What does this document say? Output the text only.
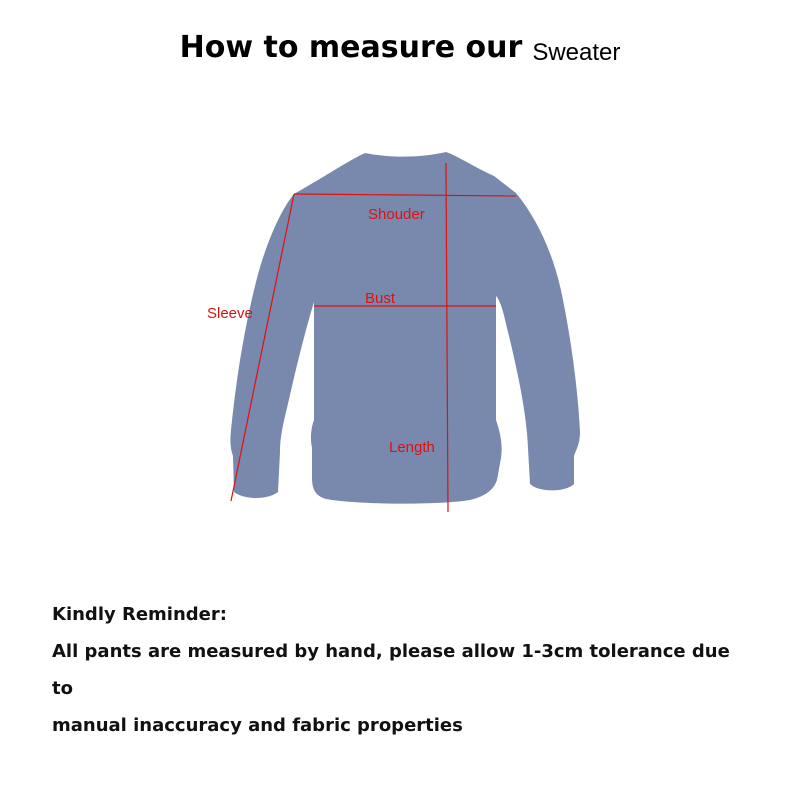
How to measure our Sweater
Shouder
Bust
Sleeve
Length
Kindly Reminder:
All pants are measured by hand, please allow 1-3cm tolerance due to
manual inaccuracy and fabric properties
